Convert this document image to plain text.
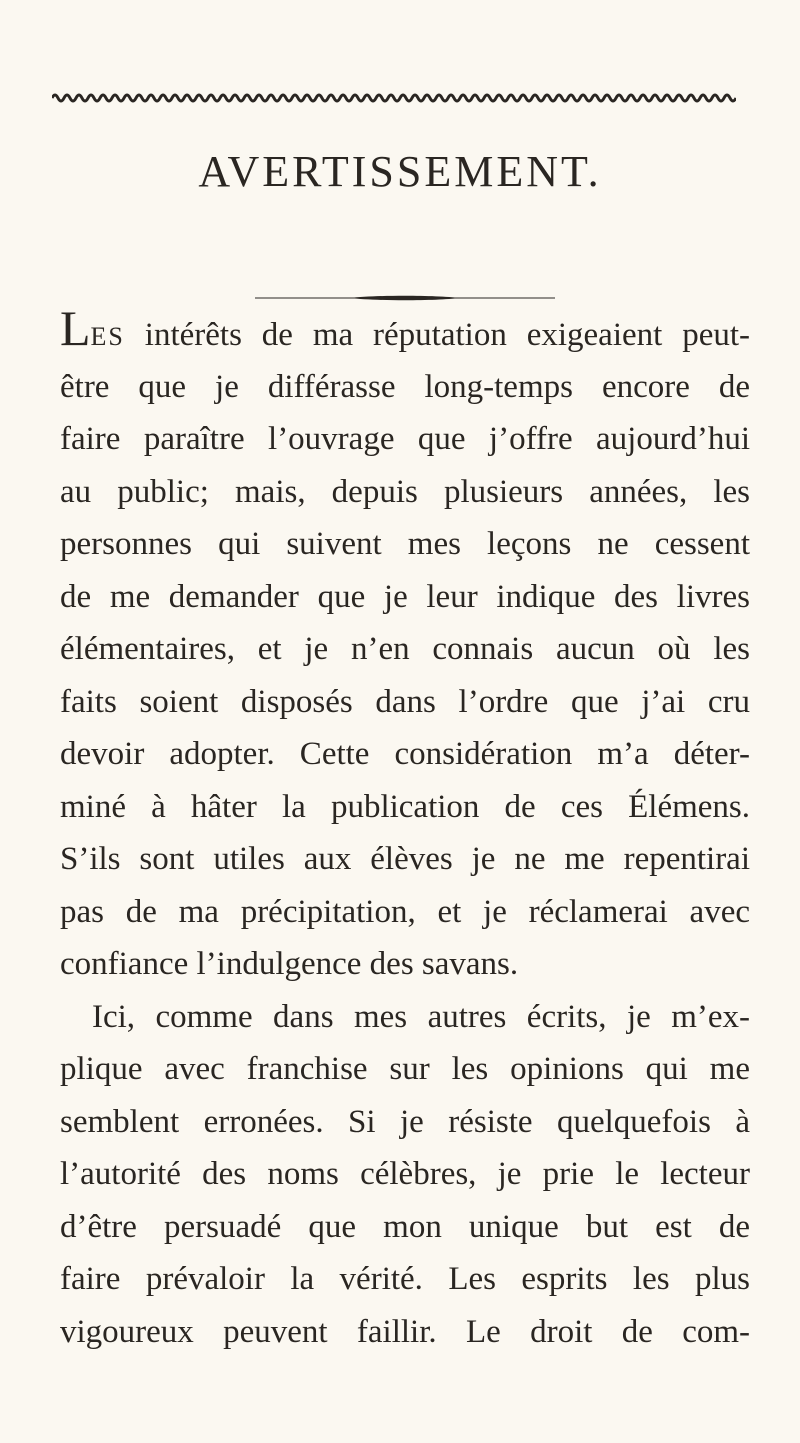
AVERTISSEMENT.
LES intérêts de ma réputation exigeaient peut-
être que je différasse long-temps encore de
faire paraître l’ouvrage que j’offre aujourd’hui
au public; mais, depuis plusieurs années, les
personnes qui suivent mes leçons ne cessent
de me demander que je leur indique des livres
élémentaires, et je n’en connais aucun où les
faits soient disposés dans l’ordre que j’ai cru
devoir adopter. Cette considération m’a déter-
miné à hâter la publication de ces Élémens.
S’ils sont utiles aux élèves je ne me repentirai
pas de ma précipitation, et je réclamerai avec
confiance l’indulgence des savans.
Ici, comme dans mes autres écrits, je m’ex-
plique avec franchise sur les opinions qui me
semblent erronées. Si je résiste quelquefois à
l’autorité des noms célèbres, je prie le lecteur
d’être persuadé que mon unique but est de
faire prévaloir la vérité. Les esprits les plus
vigoureux peuvent faillir. Le droit de com-
